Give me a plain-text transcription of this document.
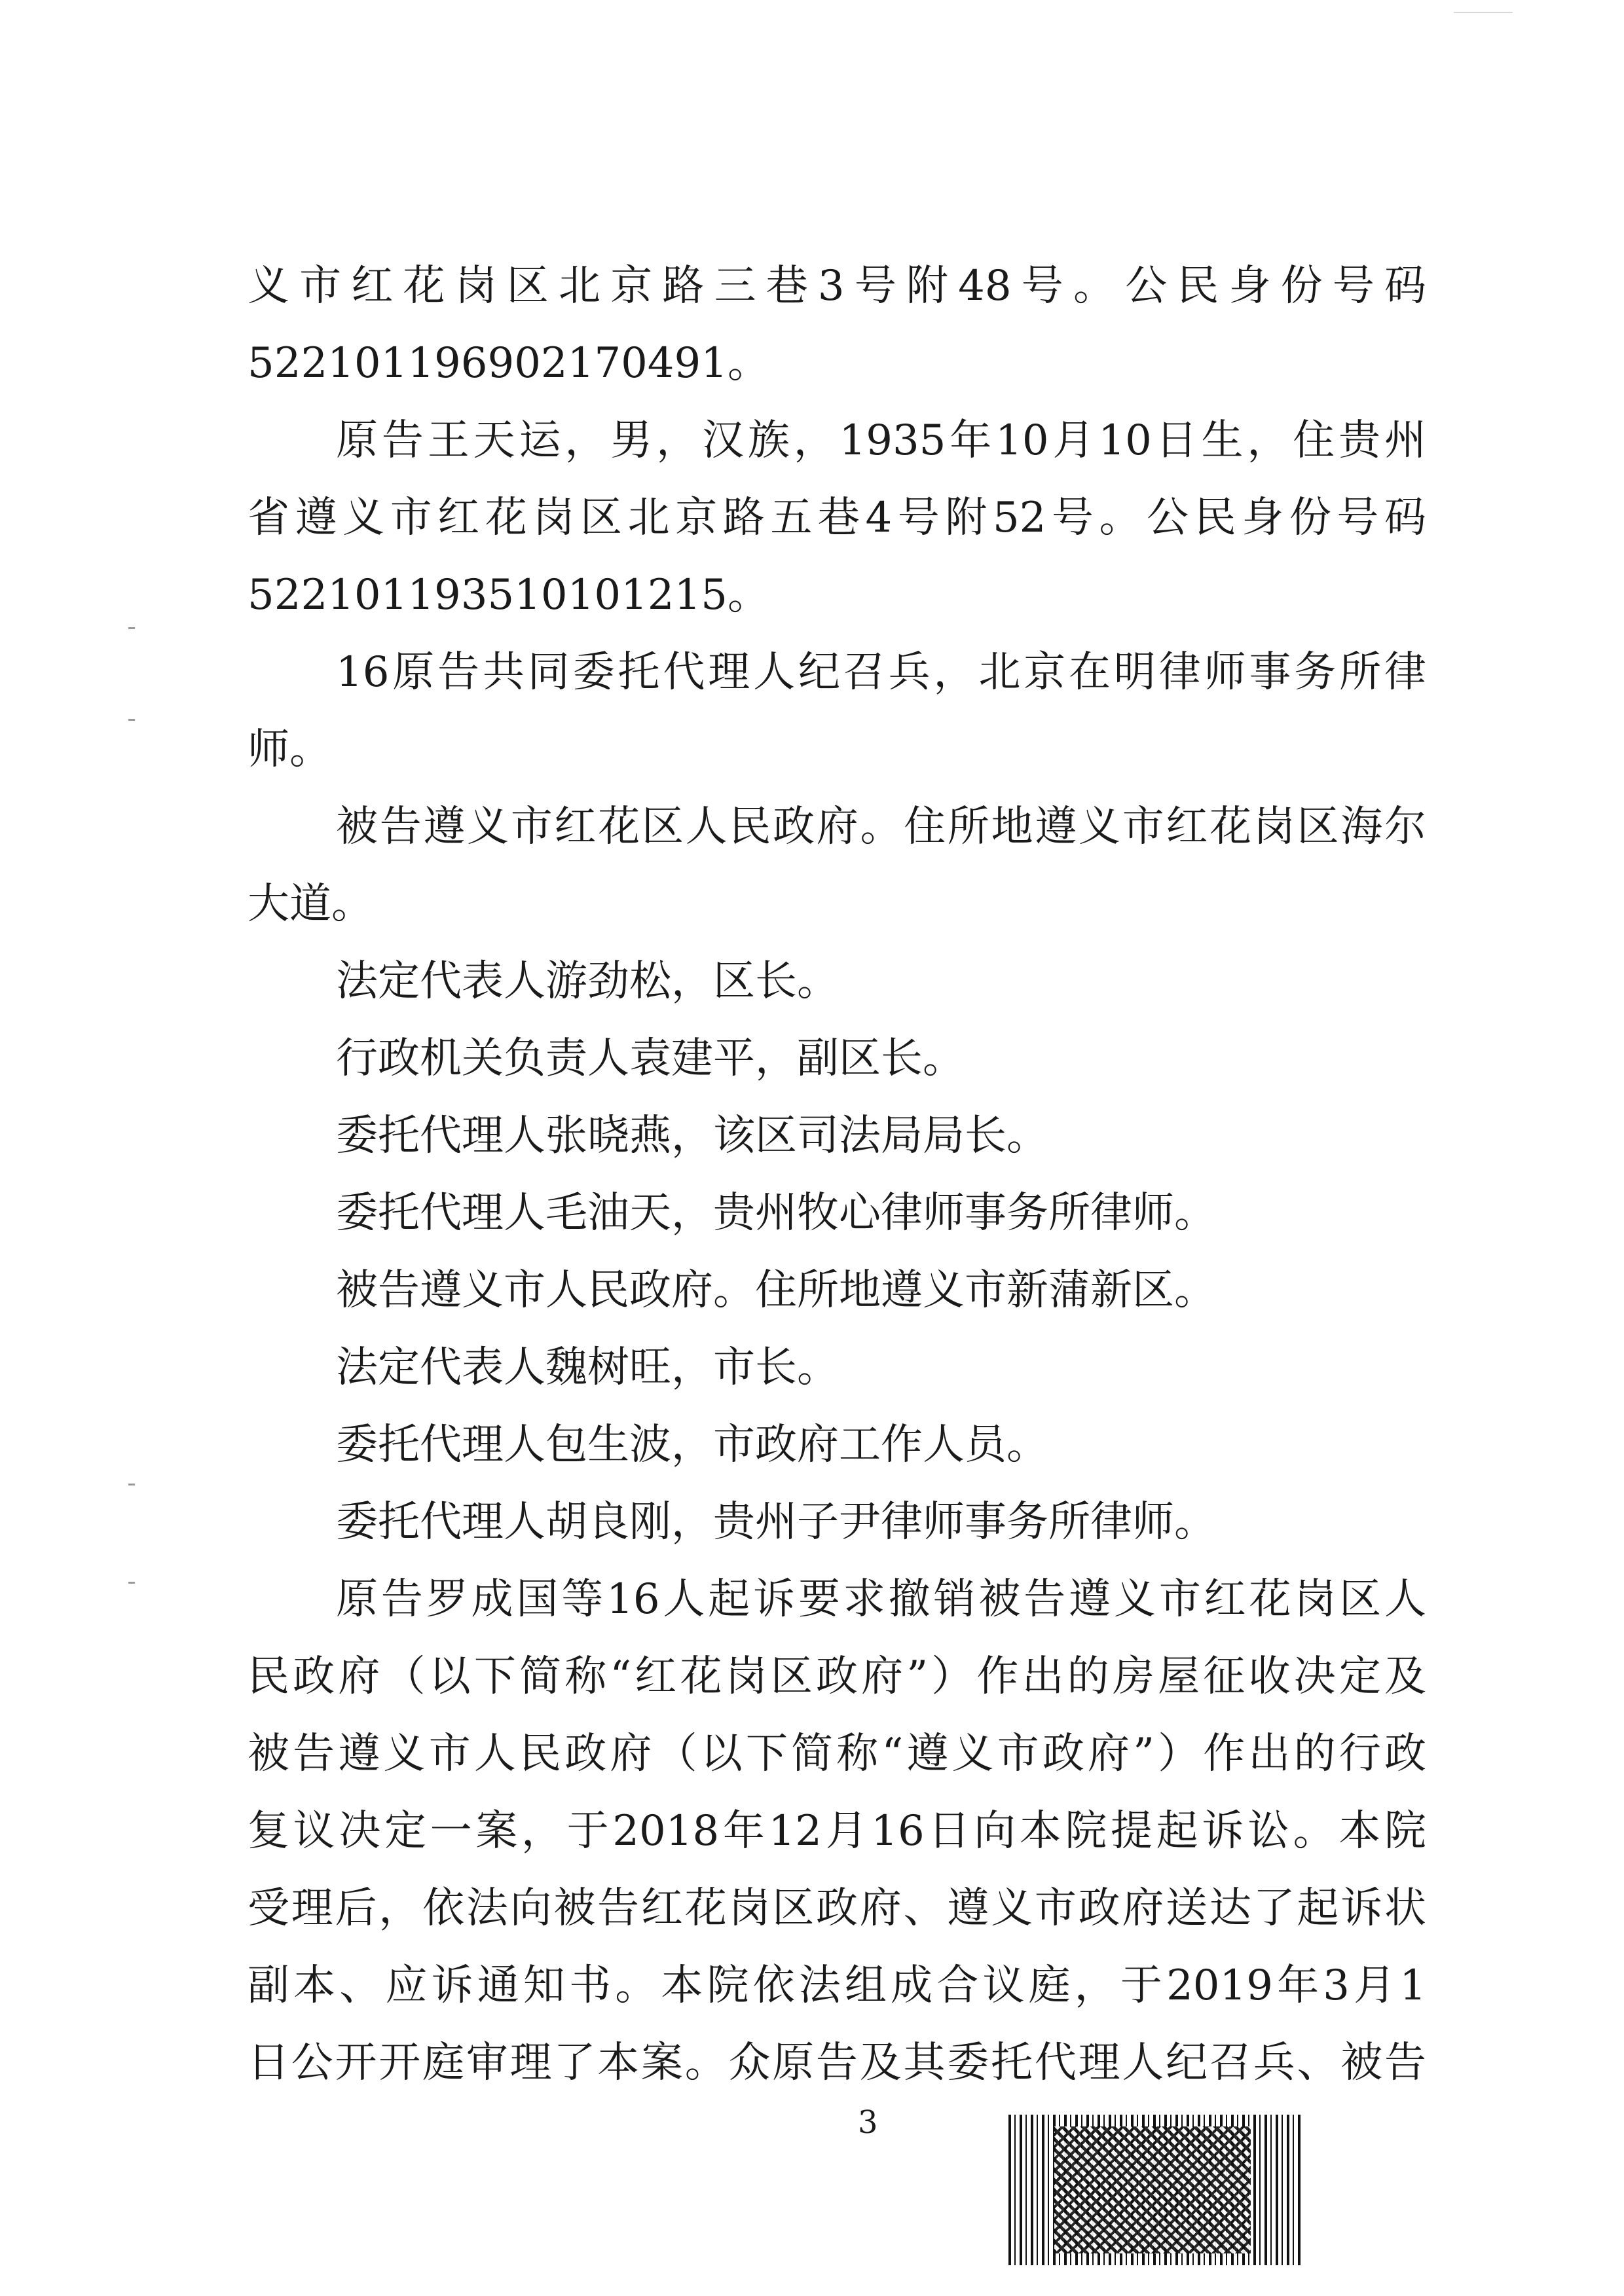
义市红花岗区北京路三巷3号附48号。公民身份号码
522101196902170491。
原告王天运，男，汉族，1935年10月10日生，住贵州
省遵义市红花岗区北京路五巷4号附52号。公民身份号码
522101193510101215。
16原告共同委托代理人纪召兵，北京在明律师事务所律
师。
被告遵义市红花区人民政府。住所地遵义市红花岗区海尔
大道。
法定代表人游劲松，区长。
行政机关负责人袁建平，副区长。
委托代理人张晓燕，该区司法局局长。
委托代理人毛油天，贵州牧心律师事务所律师。
被告遵义市人民政府。住所地遵义市新蒲新区。
法定代表人魏树旺，市长。
委托代理人包生波，市政府工作人员。
委托代理人胡良刚，贵州子尹律师事务所律师。
原告罗成国等16人起诉要求撤销被告遵义市红花岗区人
民政府（以下简称“红花岗区政府”）作出的房屋征收决定及
被告遵义市人民政府（以下简称“遵义市政府”）作出的行政
复议决定一案，于2018年12月16日向本院提起诉讼。本院
受理后，依法向被告红花岗区政府、遵义市政府送达了起诉状
副本、应诉通知书。本院依法组成合议庭，于2019年3月1
日公开开庭审理了本案。众原告及其委托代理人纪召兵、被告
3
